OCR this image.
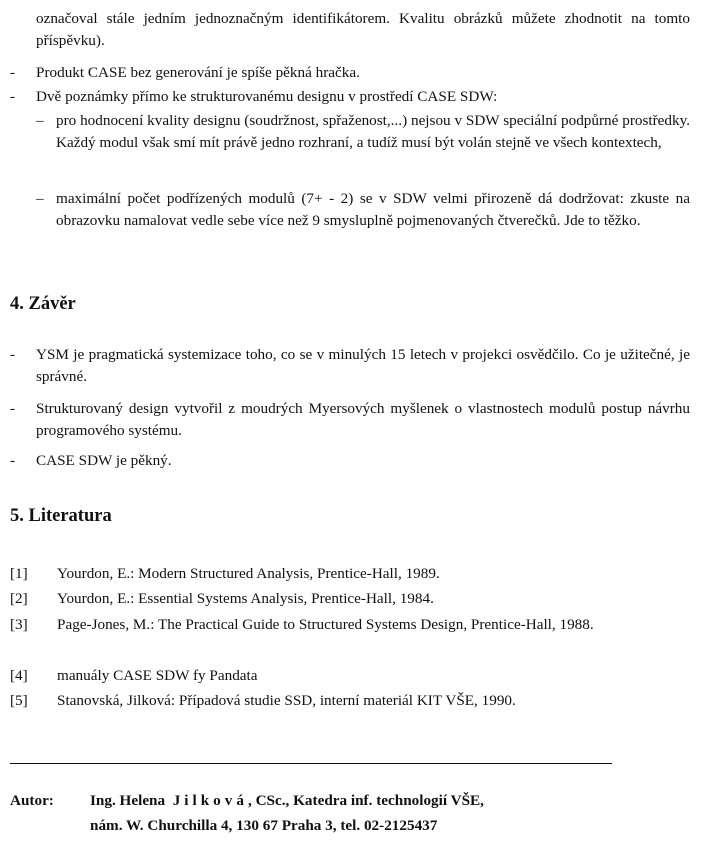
označoval stále jedním jednoznačným identifikátorem. Kvalitu obrázků můžete zhodnotit na tomto příspěvku).
- Produkt CASE bez generování je spíše pěkná hračka.
- Dvě poznámky přímo ke strukturovanému designu v prostředí CASE SDW:
– pro hodnocení kvality designu (soudržnost, spřaženost,...) nejsou v SDW speciální podpůrné prostředky. Každý modul však smí mít právě jedno rozhraní, a tudíž musí být volán stejně ve všech kontextech,
– maximální počet podřízených modulů (7+ - 2) se v SDW velmi přirozeně dá dodržovat: zkuste na obrazovku namalovat vedle sebe více než 9 smysluplně pojmenovaných čtverečků. Jde to těžko.
4. Závěr
- YSM je pragmatická systemizace toho, co se v minulých 15 letech v projekci osvědčilo. Co je užitečné, je správné.
- Strukturovaný design vytvořil z moudrých Myersových myšlenek o vlastnostech modulů postup návrhu programového systému.
- CASE SDW je pěkný.
5. Literatura
[1] Yourdon, E.: Modern Structured Analysis, Prentice-Hall, 1989.
[2] Yourdon, E.: Essential Systems Analysis, Prentice-Hall, 1984.
[3] Page-Jones, M.: The Practical Guide to Structured Systems Design, Prentice-Hall, 1988.
[4] manuály CASE SDW fy Pandata
[5] Stanovská, Jilková: Případová studie SSD, interní materiál KIT VŠE, 1990.
Autor: Ing. Helena Jilková, CSc., Katedra inf. technologií VŠE,
nám. W. Churchilla 4, 130 67 Praha 3, tel. 02-2125437
